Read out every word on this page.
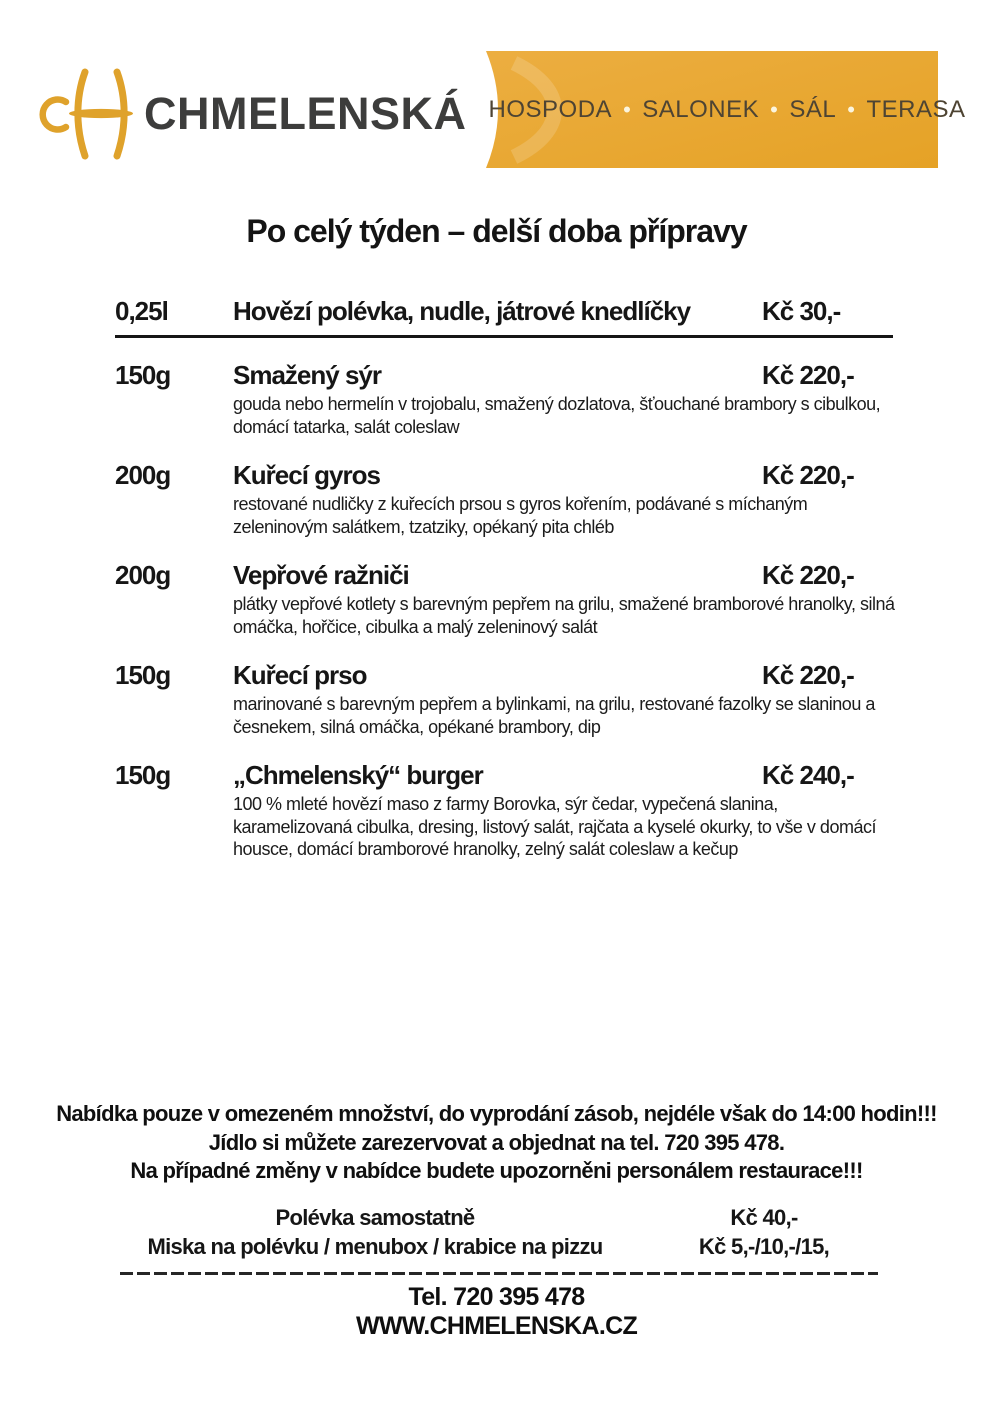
CHMELENSKÁ HOSPODA • SALONEK • SÁL • TERASA
Po celý týden – delší doba přípravy
0,25l	Hovězí polévka, nudle, játrové knedlíčky	Kč 30,-
150g	Smažený sýr	Kč 220,-
gouda nebo hermelín v trojobalu, smažený dozlatova, šťouchané brambory s cibulkou, domácí tatarka, salát coleslaw
200g	Kuřecí gyros	Kč 220,-
restované nudličky z kuřecích prsou s gyros kořením, podávané s míchaným zeleninovým salátkem, tzatziky, opékaný pita chléb
200g	Vepřové ražniči	Kč 220,-
plátky vepřové kotlety s barevným pepřem na grilu, smažené bramborové hranolky, silná omáčka, hořčice, cibulka a malý zeleninový salát
150g	Kuřecí prso	Kč 220,-
marinované s barevným pepřem a bylinkami, na grilu, restované fazolky se slaninou a česnekem, silná omáčka, opékané brambory, dip
150g	„Chmelenský“ burger	Kč 240,-
100 % mleté hovězí maso z farmy Borovka, sýr čedar, vypečená slanina, karamelizovaná cibulka, dresing, listový salát, rajčata a kyselé okurky, to vše v domácí housce, domácí bramborové hranolky, zelný salát coleslaw a kečup
Nabídka pouze v omezeném množství, do vyprodání zásob, nejdéle však do 14:00 hodin!!!
Jídlo si můžete zarezervovat a objednat na tel. 720 395 478.
Na případné změny v nabídce budete upozorněni personálem restaurace!!!
Polévka samostatně	Kč 40,-
Miska na polévku / menubox / krabice na pizzu	Kč 5,-/10,-/15,
Tel. 720 395 478
WWW.CHMELENSKA.CZ
